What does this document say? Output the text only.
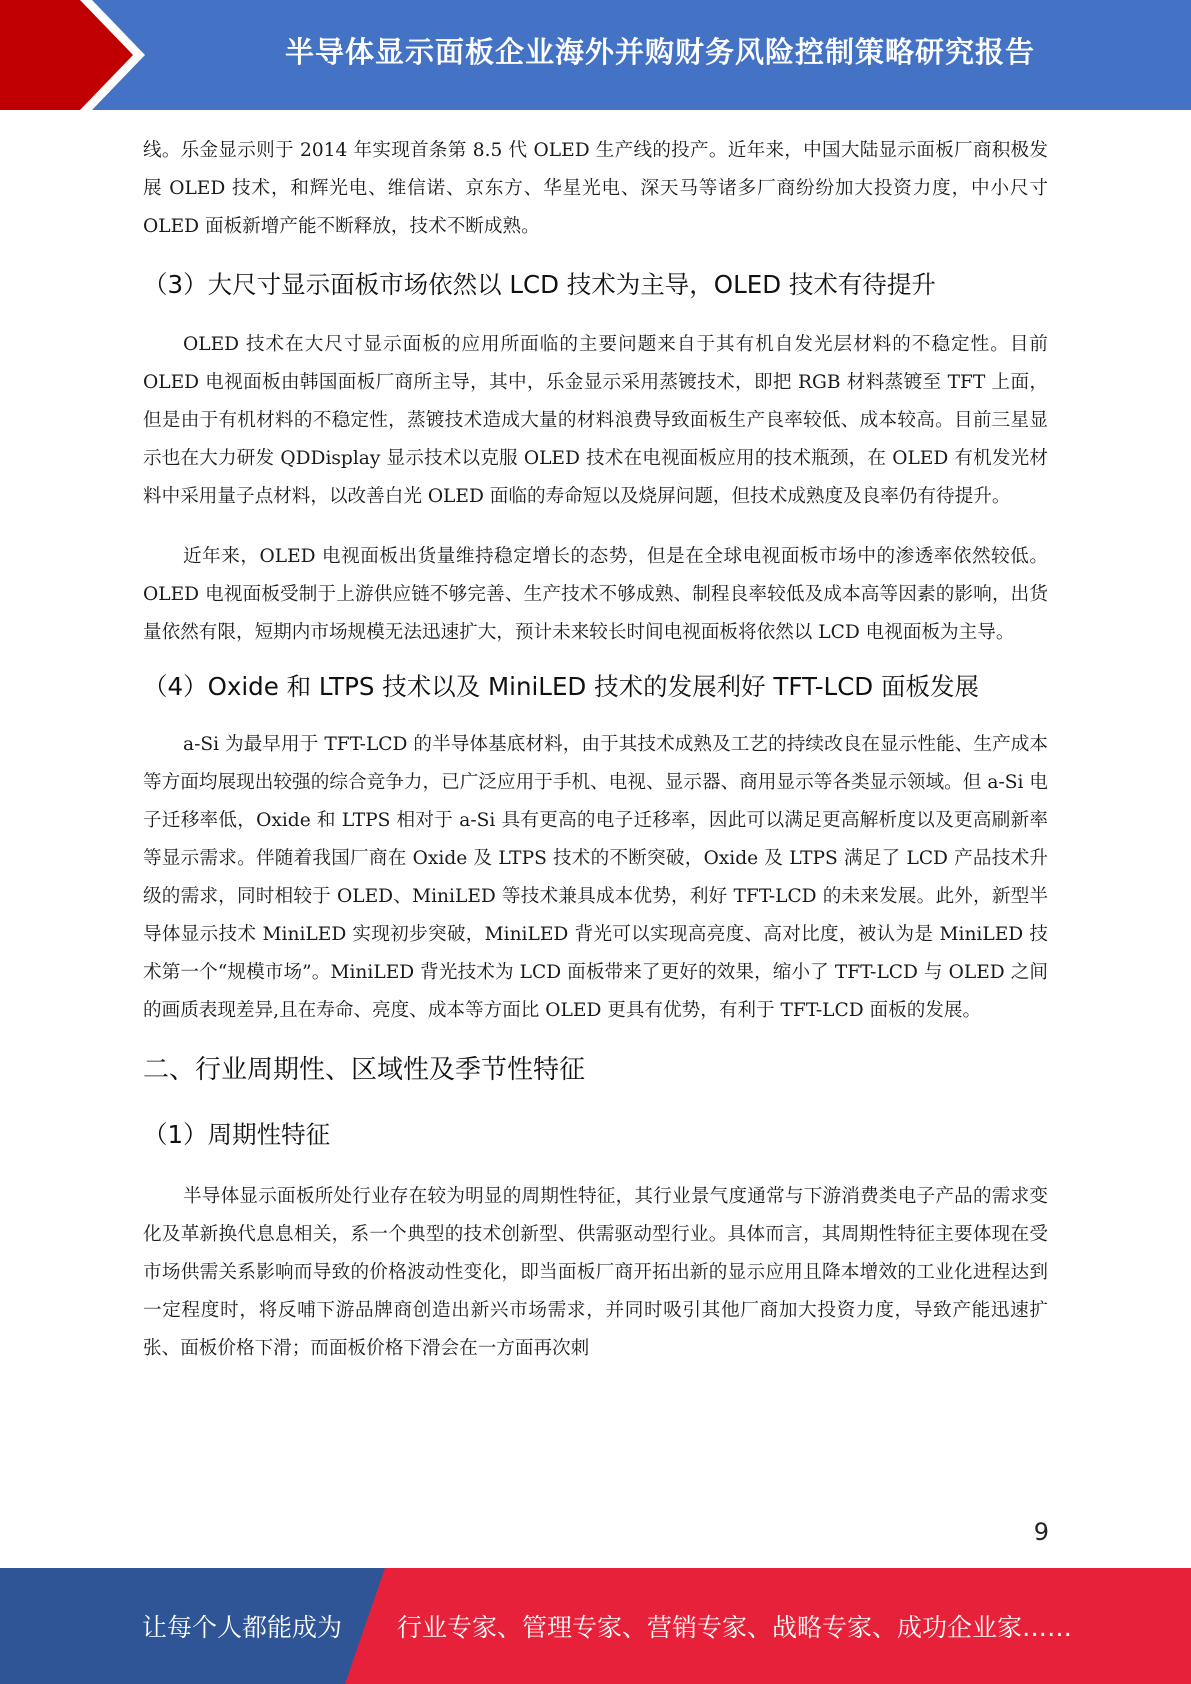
半导体显示面板企业海外并购财务风险控制策略研究报告

线。乐金显示则于 2014 年实现首条第 8.5 代 OLED 生产线的投产。近年来，中国大陆显示面板厂商积极发展 OLED 技术，和辉光电、维信诺、京东方、华星光电、深天马等诸多厂商纷纷加大投资力度，中小尺寸 OLED 面板新增产能不断释放，技术不断成熟。

（3）大尺寸显示面板市场依然以 LCD 技术为主导，OLED 技术有待提升

OLED 技术在大尺寸显示面板的应用所面临的主要问题来自于其有机自发光层材料的不稳定性。目前 OLED 电视面板由韩国面板厂商所主导，其中，乐金显示采用蒸镀技术，即把 RGB 材料蒸镀至 TFT 上面，但是由于有机材料的不稳定性，蒸镀技术造成大量的材料浪费导致面板生产良率较低、成本较高。目前三星显示也在大力研发 QDDisplay 显示技术以克服 OLED 技术在电视面板应用的技术瓶颈，在 OLED 有机发光材料中采用量子点材料，以改善白光 OLED 面临的寿命短以及烧屏问题，但技术成熟度及良率仍有待提升。

近年来，OLED 电视面板出货量维持稳定增长的态势，但是在全球电视面板市场中的渗透率依然较低。OLED 电视面板受制于上游供应链不够完善、生产技术不够成熟、制程良率较低及成本高等因素的影响，出货量依然有限，短期内市场规模无法迅速扩大，预计未来较长时间电视面板将依然以 LCD 电视面板为主导。

（4）Oxide 和 LTPS 技术以及 MiniLED 技术的发展利好 TFT-LCD 面板发展

a-Si 为最早用于 TFT-LCD 的半导体基底材料，由于其技术成熟及工艺的持续改良在显示性能、生产成本等方面均展现出较强的综合竞争力，已广泛应用于手机、电视、显示器、商用显示等各类显示领域。但 a-Si 电子迁移率低，Oxide 和 LTPS 相对于 a-Si 具有更高的电子迁移率，因此可以满足更高解析度以及更高刷新率等显示需求。伴随着我国厂商在 Oxide 及 LTPS 技术的不断突破，Oxide 及 LTPS 满足了 LCD 产品技术升级的需求，同时相较于 OLED、MiniLED 等技术兼具成本优势，利好 TFT-LCD 的未来发展。此外，新型半导体显示技术 MiniLED 实现初步突破，MiniLED 背光可以实现高亮度、高对比度，被认为是 MiniLED 技术第一个“规模市场”。MiniLED 背光技术为 LCD 面板带来了更好的效果，缩小了 TFT-LCD 与 OLED 之间的画质表现差异,且在寿命、亮度、成本等方面比 OLED 更具有优势，有利于 TFT-LCD 面板的发展。

二、行业周期性、区域性及季节性特征

（1）周期性特征

半导体显示面板所处行业存在较为明显的周期性特征，其行业景气度通常与下游消费类电子产品的需求变化及革新换代息息相关，系一个典型的技术创新型、供需驱动型行业。具体而言，其周期性特征主要体现在受市场供需关系影响而导致的价格波动性变化，即当面板厂商开拓出新的显示应用且降本增效的工业化进程达到一定程度时，将反哺下游品牌商创造出新兴市场需求，并同时吸引其他厂商加大投资力度，导致产能迅速扩张、面板价格下滑；而面板价格下滑会在一方面再次刺

9
让每个人都能成为 行业专家、管理专家、营销专家、战略专家、成功企业家……
